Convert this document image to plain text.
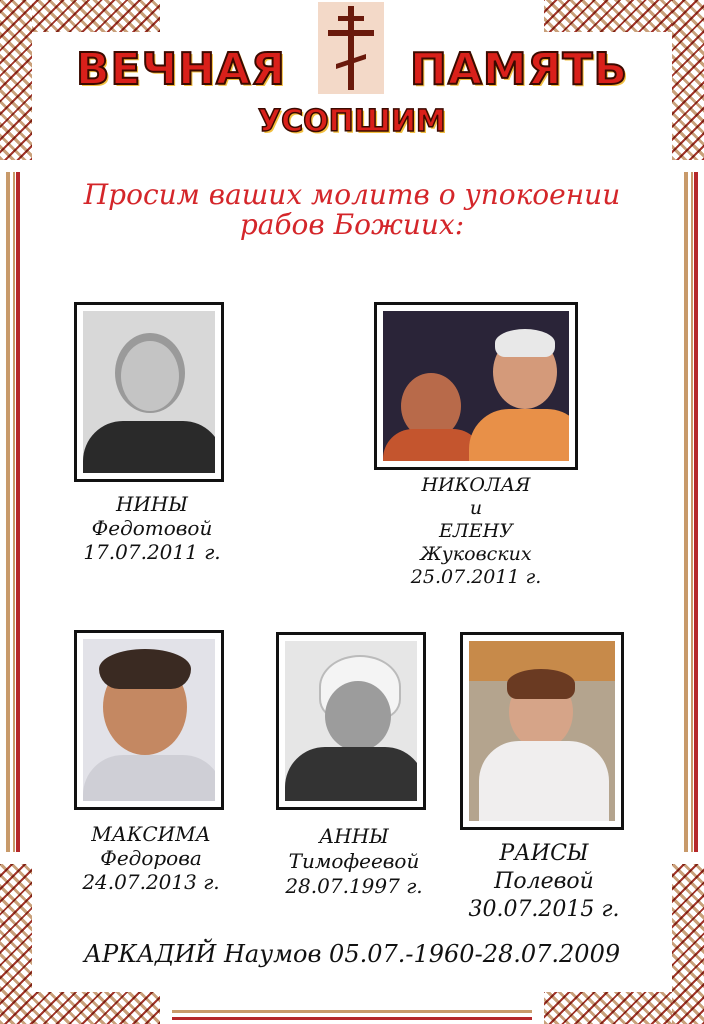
ВЕЧНАЯ	ПАМЯТЬ
УСОПШИМ
Просим ваших молитв о упокоении
рабов Божиих:
НИНЫ
Федотовой
17.07.2011 г.
НИКОЛАЯ
и
ЕЛЕНУ
Жуковских
25.07.2011 г.
МАКСИМА
Федорова
24.07.2013 г.
АННЫ
Тимофеевой
28.07.1997 г.
РАИСЫ
Полевой
30.07.2015 г.
АРКАДИЙ Наумов 05.07.-1960-28.07.2009
